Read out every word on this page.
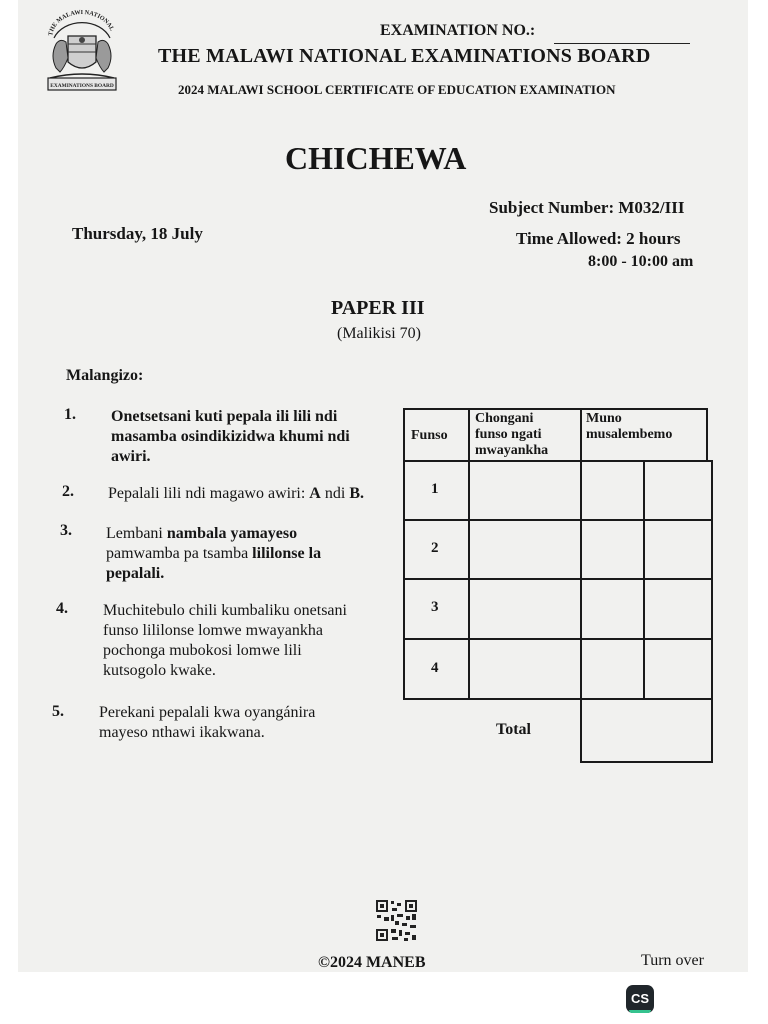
THE MALAWI NATIONAL
EXAMINATIONS BOARD
EXAMINATION NO.:
THE MALAWI NATIONAL EXAMINATIONS BOARD
2024 MALAWI SCHOOL CERTIFICATE OF EDUCATION EXAMINATION
CHICHEWA
Subject Number: M032/III
Thursday, 18 July	Time Allowed: 2 hours
8:00 - 10:00 am
PAPER III
(Malikisi 70)
Malangizo:
1. Onetsetsani kuti pepala ili lili ndi
masamba osindikizidwa khumi ndi
awiri.
2. Pepalali lili ndi magawo awiri: A ndi B.
3. Lembani nambala yamayeso
pamwamba pa tsamba lililonse la
pepalali.
4. Muchitebulo chili kumbaliku onetsani
funso lililonse lomwe mwayankha
pochonga mubokosi lomwe lili
kutsogolo kwake.
5. Perekani pepalali kwa oyangánira
mayeso nthawi ikakwana.
Funso
Chongani
funso ngati
mwayankha
Muno
musalembemo
1
2
3
4
Total
©2024 MANEB	Turn over
CS
